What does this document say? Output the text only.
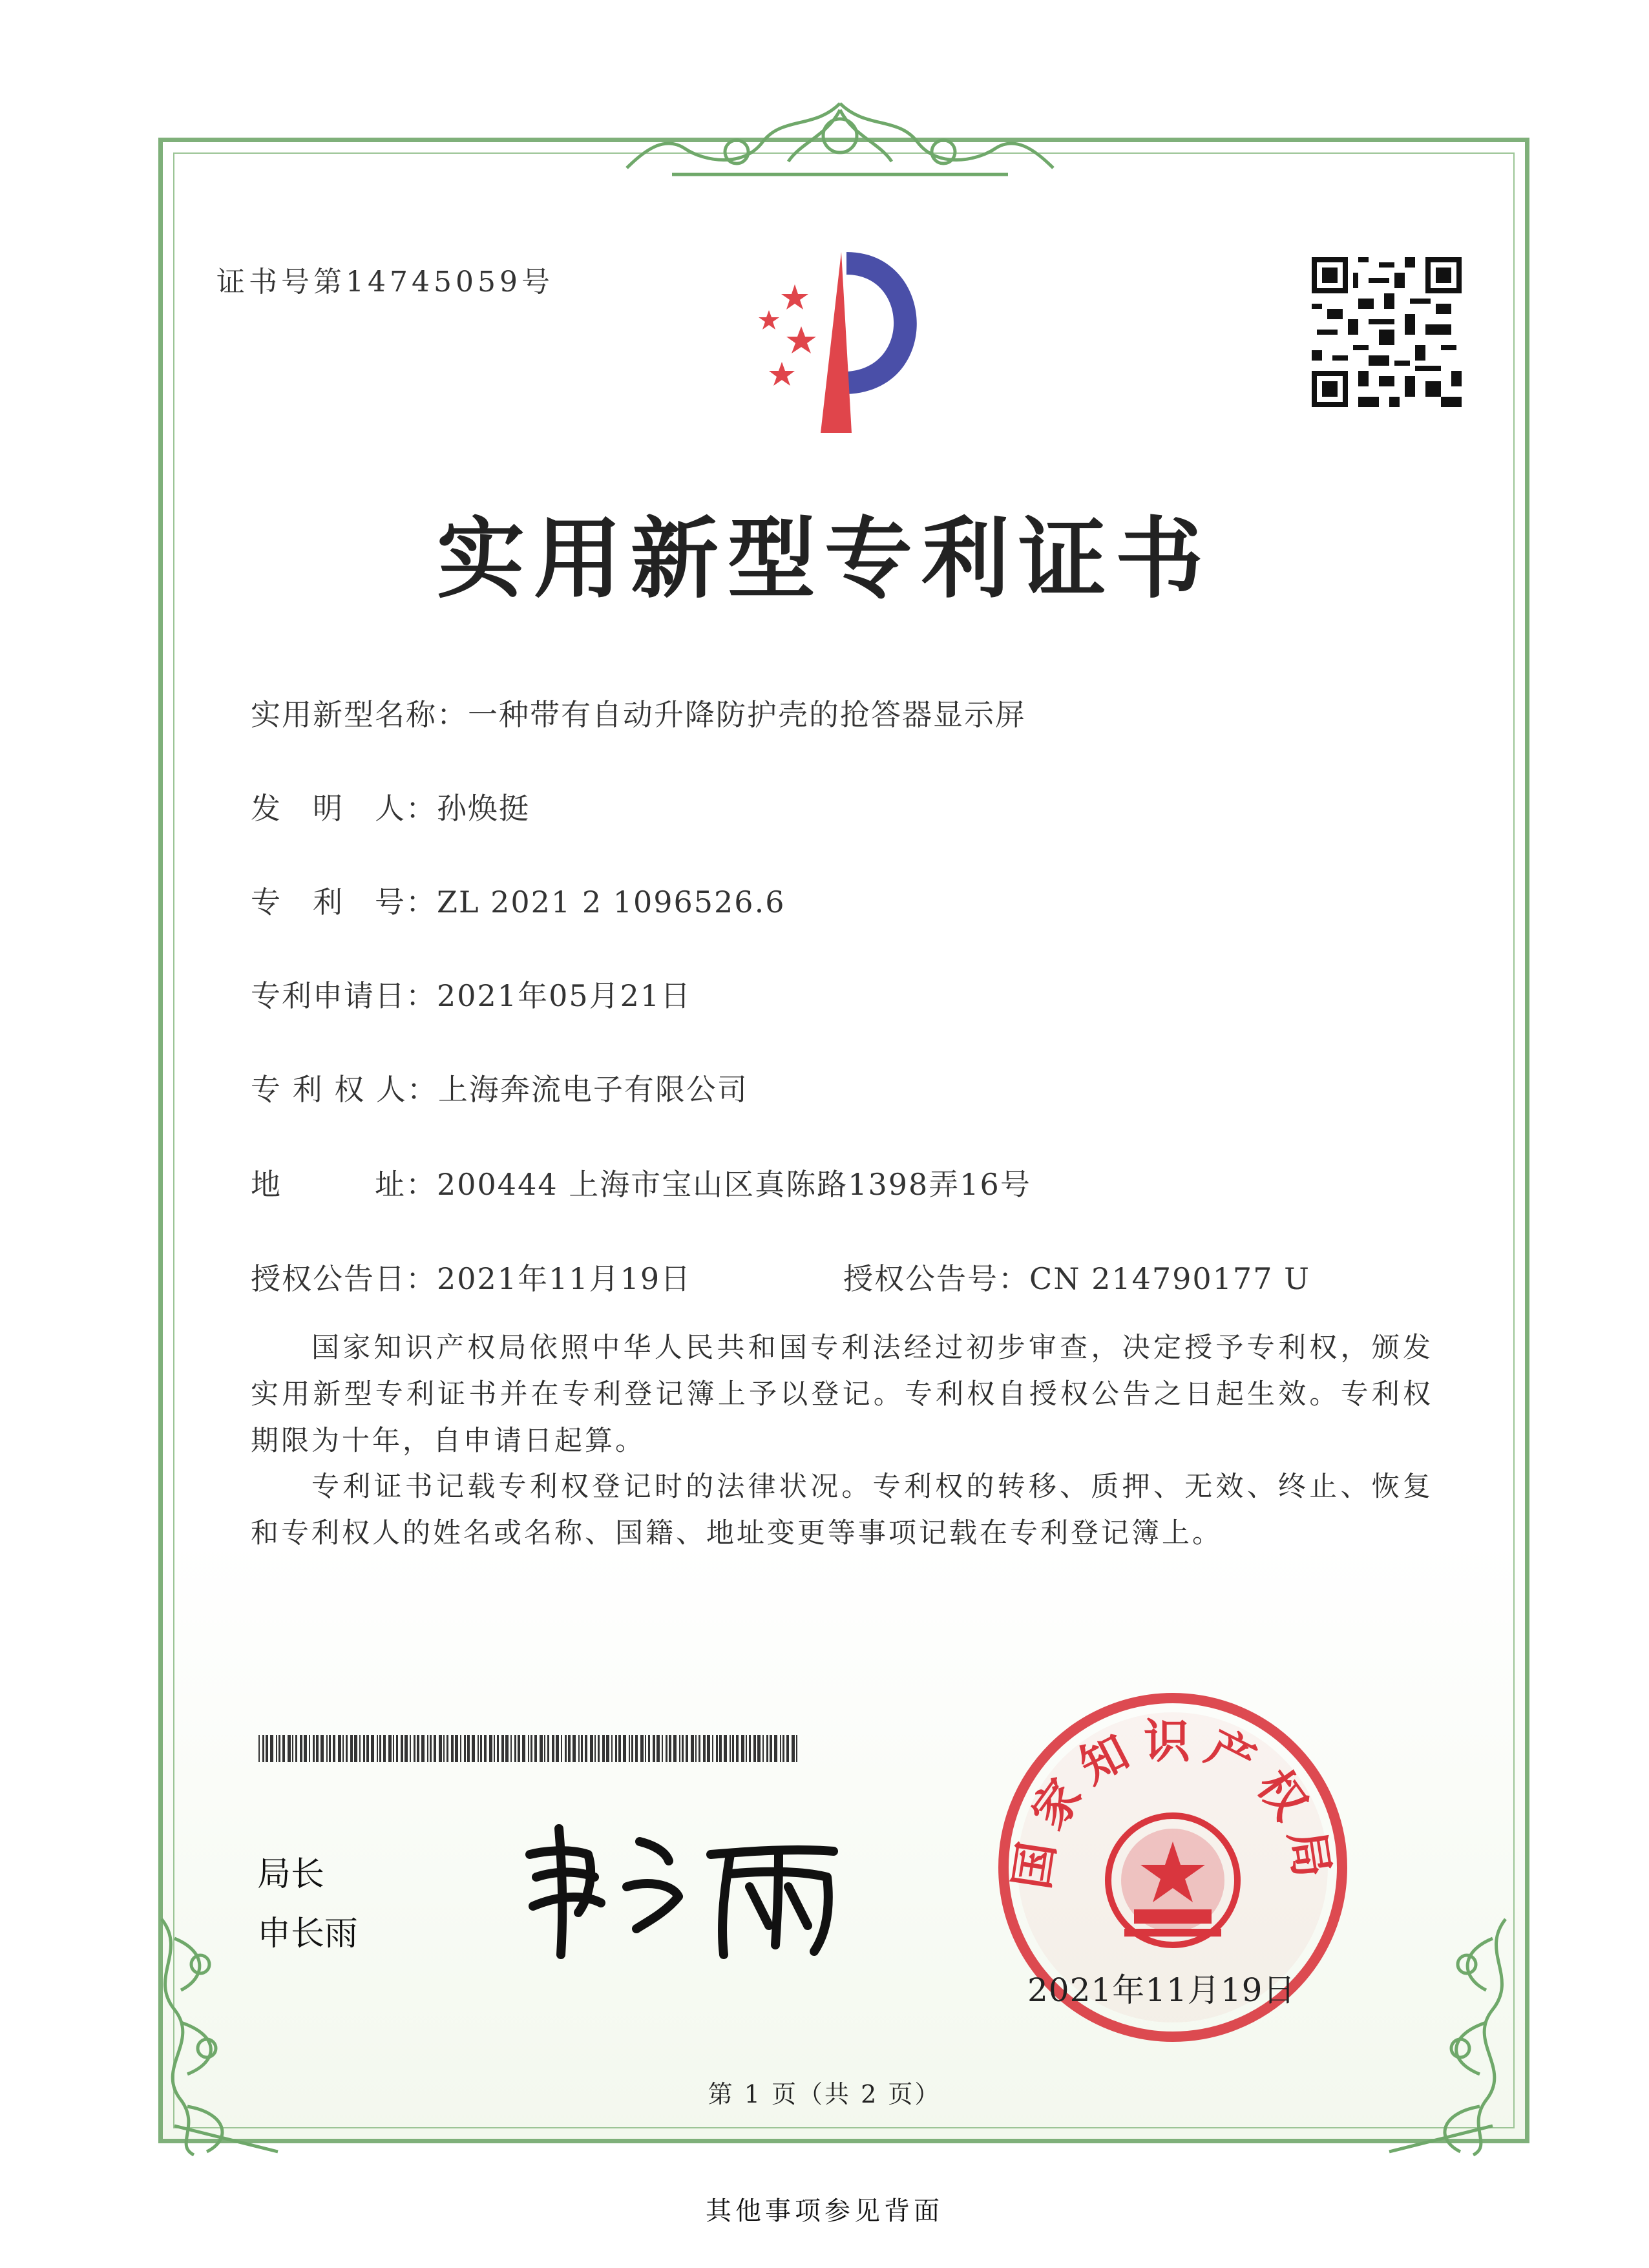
证书号第14745059号
实用新型专利证书
实用新型名称：一种带有自动升降防护壳的抢答器显示屏
发　明　人：孙焕挺
专　利　号：ZL 2021 2 1096526.6
专利申请日：2021年05月21日
专 利 权 人：上海奔流电子有限公司
地　　　址：200444 上海市宝山区真陈路1398弄16号
授权公告日：2021年11月19日	授权公告号：CN 214790177 U
国家知识产权局依照中华人民共和国专利法经过初步审查，决定授予专利权，颁发实用新型专利证书并在专利登记簿上予以登记。专利权自授权公告之日起生效。专利权期限为十年，自申请日起算。
专利证书记载专利权登记时的法律状况。专利权的转移、质押、无效、终止、恢复和专利权人的姓名或名称、国籍、地址变更等事项记载在专利登记簿上。
局长
申长雨
国家知识产权局
2021年11月19日
第 1 页（共 2 页）
其他事项参见背面
